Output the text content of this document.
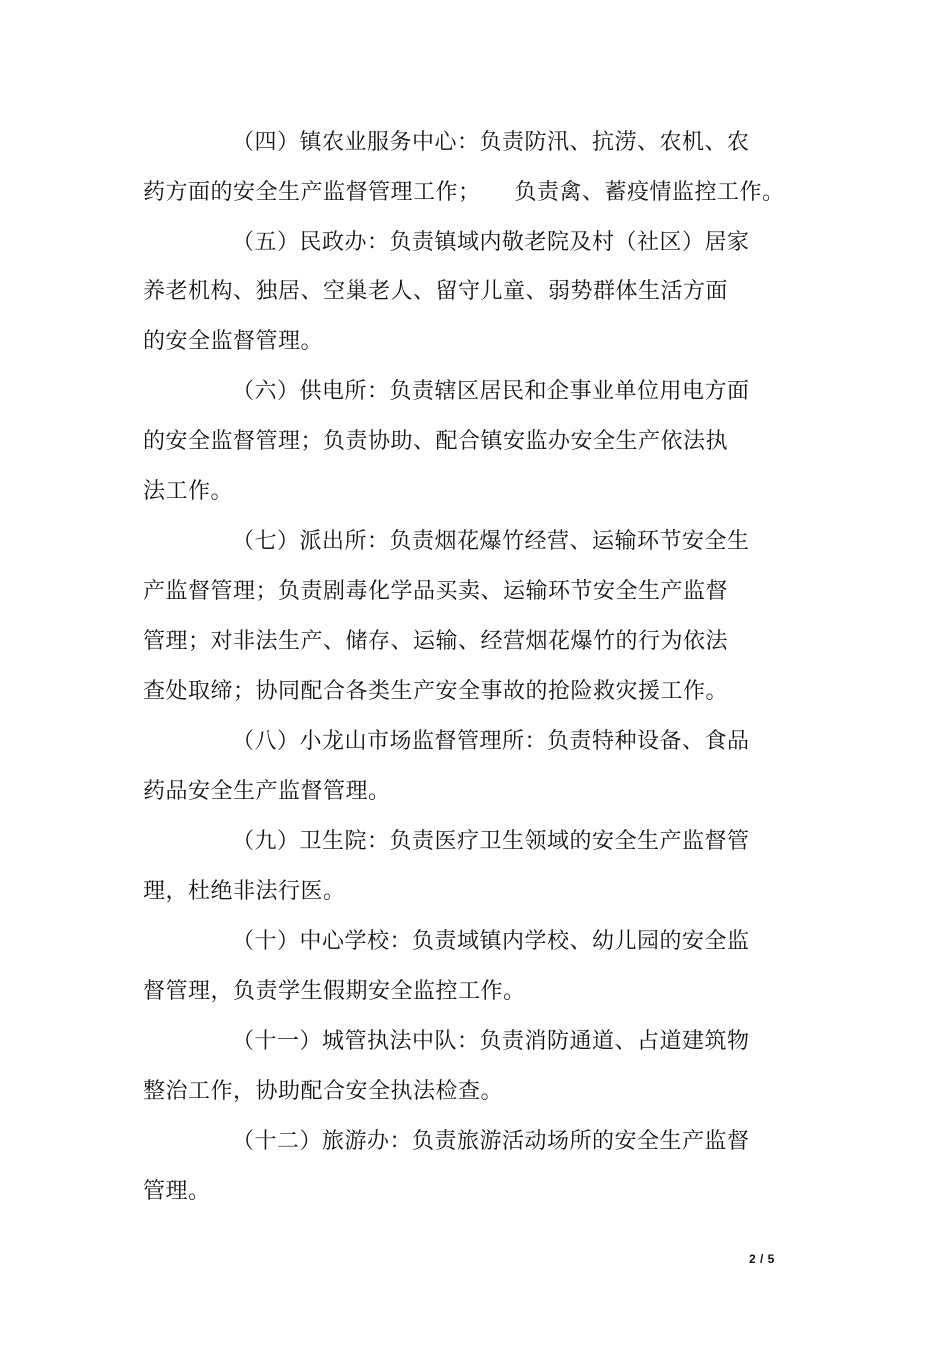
（四）镇农业服务中心：负责防汛、抗涝、农机、农
药方面的安全生产监督管理工作；　　负责禽、蓄疫情监控工作。
（五）民政办：负责镇域内敬老院及村（社区）居家
养老机构、独居、空巢老人、留守儿童、弱势群体生活方面
的安全监督管理。
（六）供电所：负责辖区居民和企事业单位用电方面
的安全监督管理；负责协助、配合镇安监办安全生产依法执
法工作。
（七）派出所：负责烟花爆竹经营、运输环节安全生
产监督管理；负责剧毒化学品买卖、运输环节安全生产监督
管理；对非法生产、储存、运输、经营烟花爆竹的行为依法
查处取缔；协同配合各类生产安全事故的抢险救灾援工作。
（八）小龙山市场监督管理所：负责特种设备、食品
药品安全生产监督管理。
（九）卫生院：负责医疗卫生领域的安全生产监督管
理，杜绝非法行医。
（十）中心学校：负责域镇内学校、幼儿园的安全监
督管理，负责学生假期安全监控工作。
（十一）城管执法中队：负责消防通道、占道建筑物
整治工作，协助配合安全执法检查。
（十二）旅游办：负责旅游活动场所的安全生产监督
管理。
2 / 5
